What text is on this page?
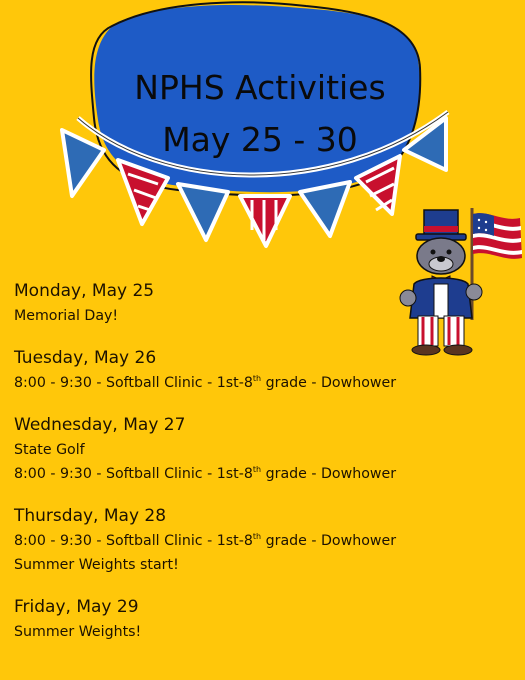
NPHS Activities
May 25 - 30
Monday, May 25
Memorial Day!
Tuesday, May 26
8:00 - 9:30 - Softball Clinic - 1st-8th grade - Dowhower
Wednesday, May 27
State Golf
8:00 - 9:30 - Softball Clinic - 1st-8th grade - Dowhower
Thursday, May 28
8:00 - 9:30 - Softball Clinic - 1st-8th grade - Dowhower
Summer Weights start!
Friday, May 29
Summer Weights!
